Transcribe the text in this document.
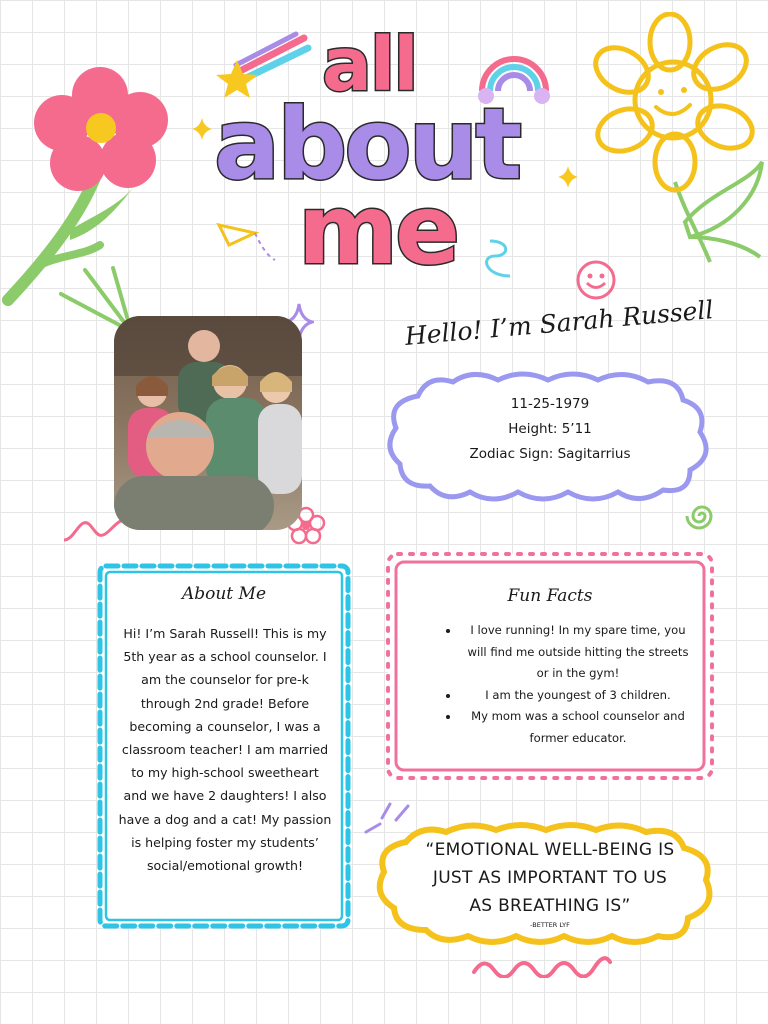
all
about
me
Hello! I’m Sarah Russell
11-25-1979
Height: 5’11
Zodiac Sign: Sagitarrius
About Me
Hi! I’m Sarah Russell! This is my 5th year as a school counselor. I am the counselor for pre-k through 2nd grade! Before becoming a counselor, I was a classroom teacher! I am married to my high-school sweetheart and we have 2 daughters! I also have a dog and a cat! My passion is helping foster my students’ social/emotional growth!
Fun Facts
• I love running! In my spare time, you will find me outside hitting the streets or in the gym!
• I am the youngest of 3 children.
• My mom was a school counselor and former educator.
“EMOTIONAL WELL-BEING IS
JUST AS IMPORTANT TO US
AS BREATHING IS”
-BETTER LYF
